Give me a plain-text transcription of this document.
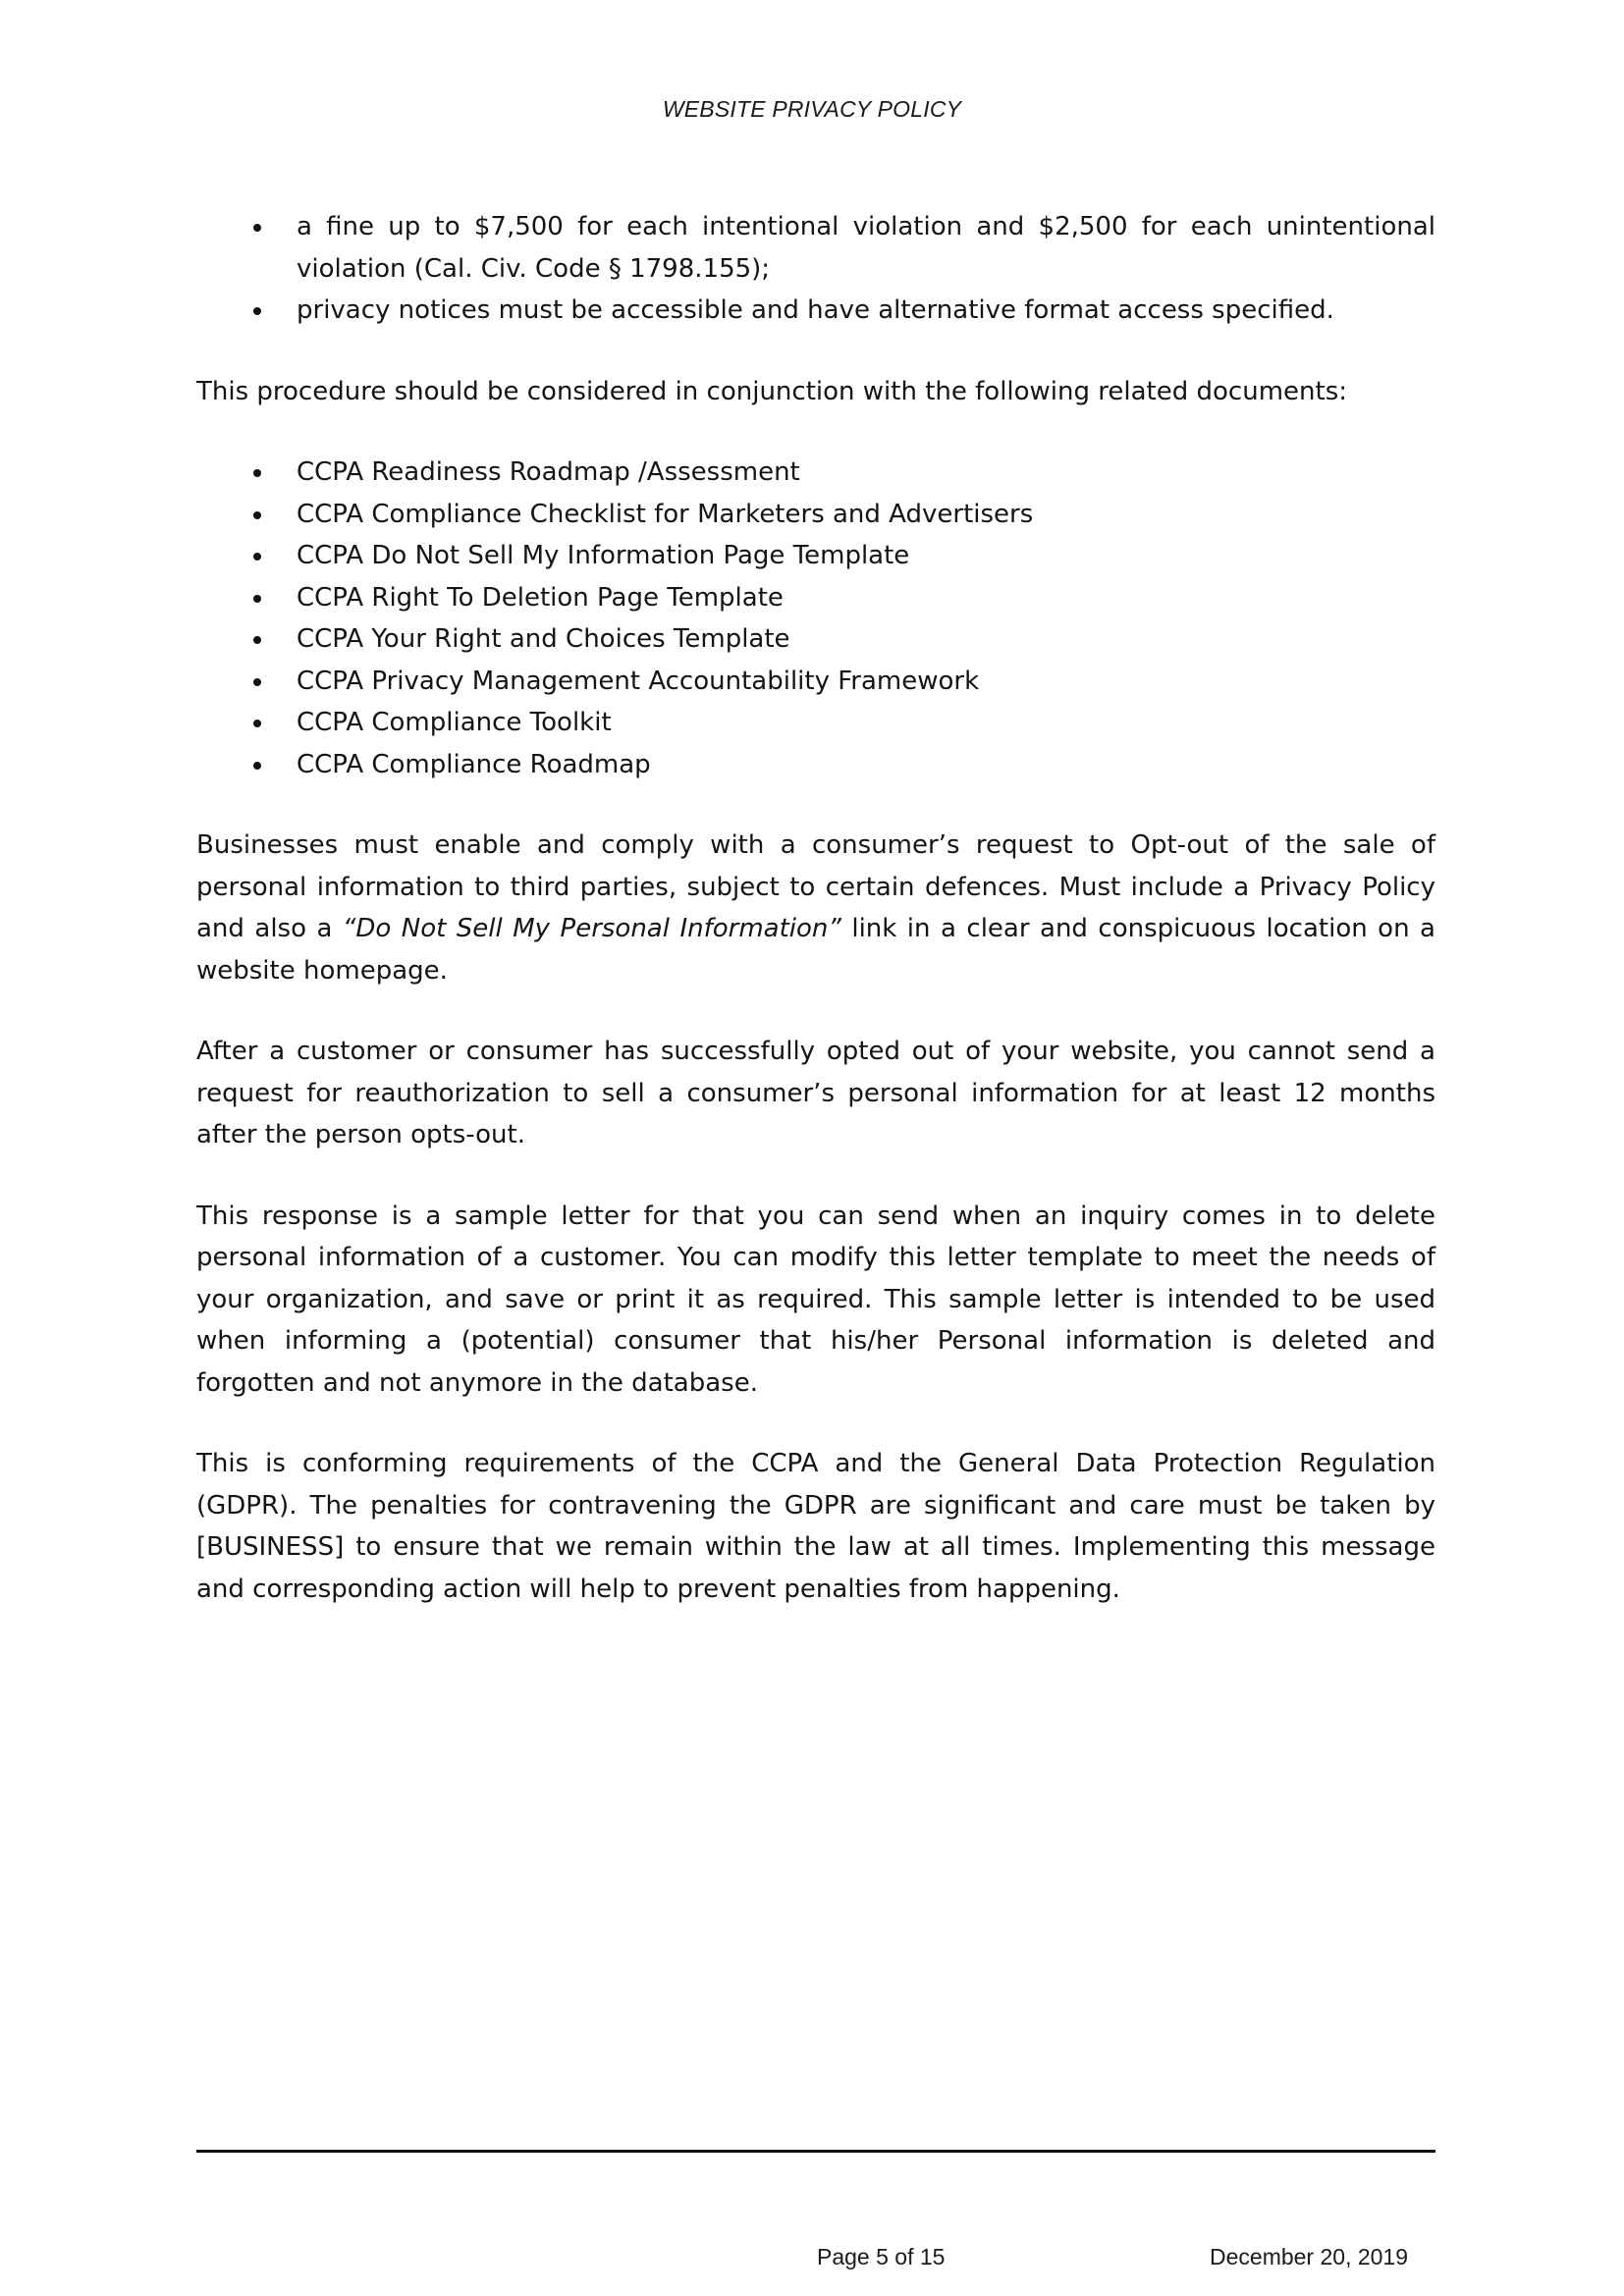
WEBSITE PRIVACY POLICY
a fine up to $7,500 for each intentional violation and $2,500 for each unintentional violation (Cal. Civ. Code § 1798.155);
privacy notices must be accessible and have alternative format access specified.

This procedure should be considered in conjunction with the following related documents:

CCPA Readiness Roadmap /Assessment
CCPA Compliance Checklist for Marketers and Advertisers
CCPA Do Not Sell My Information Page Template
CCPA Right To Deletion Page Template
CCPA Your Right and Choices Template
CCPA Privacy Management Accountability Framework
CCPA Compliance Toolkit
CCPA Compliance Roadmap

Businesses must enable and comply with a consumer’s request to Opt-out of the sale of personal information to third parties, subject to certain defences. Must include a Privacy Policy and also a “Do Not Sell My Personal Information” link in a clear and conspicuous location on a website homepage.

After a customer or consumer has successfully opted out of your website, you cannot send a request for reauthorization to sell a consumer’s personal information for at least 12 months after the person opts-out.

This response is a sample letter for that you can send when an inquiry comes in to delete personal information of a customer. You can modify this letter template to meet the needs of your organization, and save or print it as required. This sample letter is intended to be used when informing a (potential) consumer that his/her Personal information is deleted and forgotten and not anymore in the database.

This is conforming requirements of the CCPA and the General Data Protection Regulation (GDPR). The penalties for contravening the GDPR are significant and care must be taken by [BUSINESS] to ensure that we remain within the law at all times. Implementing this message and corresponding action will help to prevent penalties from happening.

Page 5 of 15	December 20, 2019
